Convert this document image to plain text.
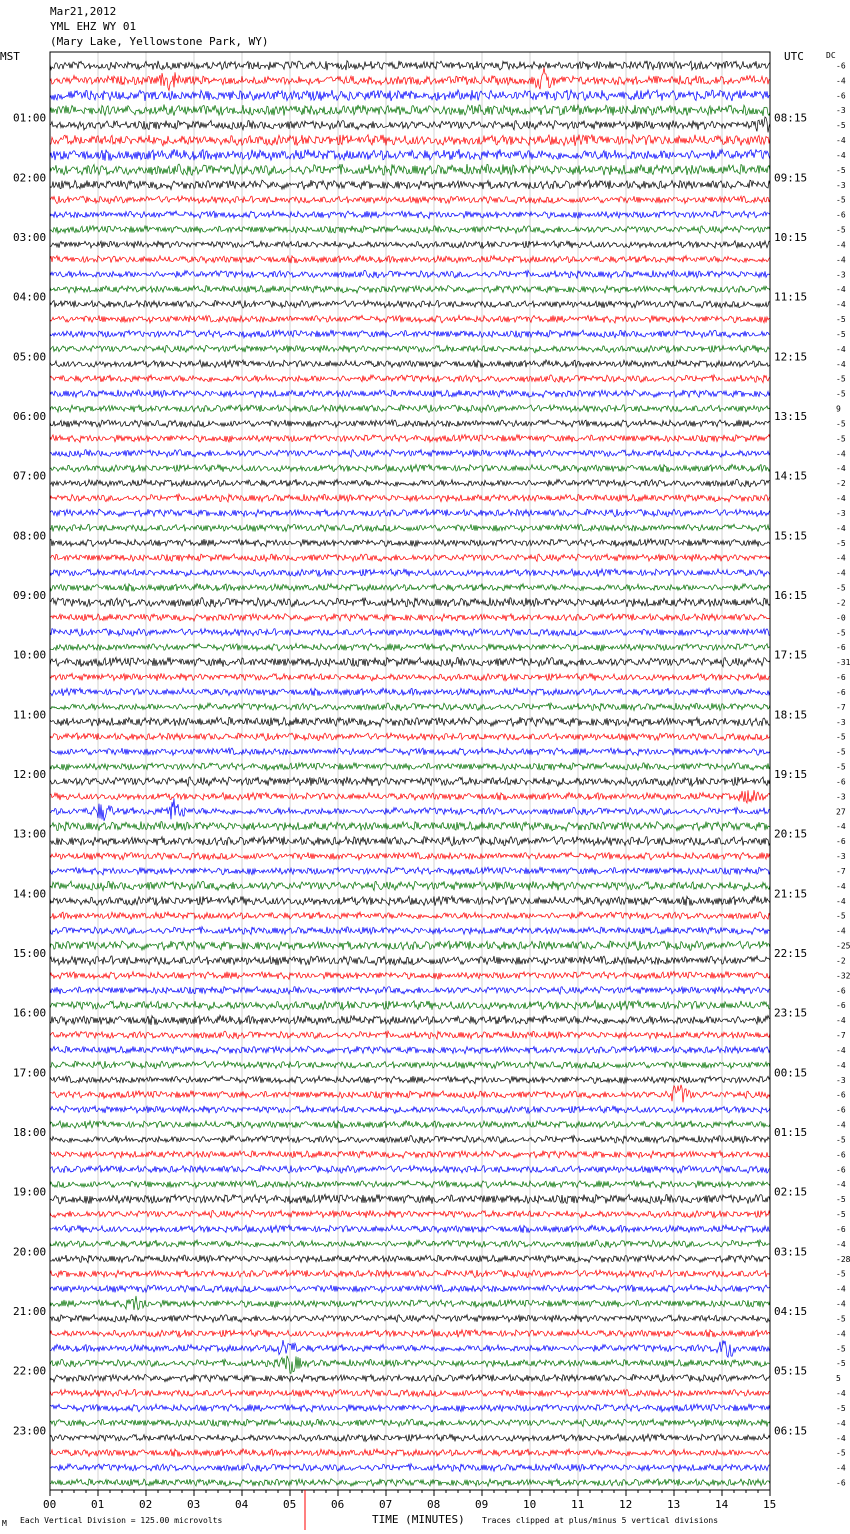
Mar21,2012
YML EHZ WY 01
(Mary Lake, Yellowstone Park, WY)
MST	UTC	DC
-6
-4
-6
-3
-5
-4
-4
-5
-3
-5
-6
-5
-4
-4
-3
-4
-4
-5
-5
-4
-4
-5
-5
9
-5
-5
-4
-4
-2
-4
-3
-4
-5
-4
-4
-5
-2
-0
-5
-6
-31
-6
-6
-7
-3
-5
-5
-5
-6
-3
27
-4
-6
-3
-7
-4
-4
-5
-4
-25
-2
-32
-6
-6
-4
-7
-4
-4
-3
-6
-6
-4
-5
-6
-6
-4
-5
-5
-6
-4
-28
-5
-4
-4
-5
-4
-5
-5
5
-4
-5
-4
-4
-5
-4
-6
00	01	02	03	04	05	06	07	08	09	10	11	12	13	14	15
01:00	08:15
02:00	09:15
03:00	10:15
04:00	11:15
05:00	12:15
06:00	13:15
07:00	14:15
08:00	15:15
09:00	16:15
10:00	17:15
11:00	18:15
12:00	19:15
13:00	20:15
14:00	21:15
15:00	22:15
16:00	23:15
17:00	00:15
18:00	01:15
19:00	02:15
20:00	03:15
21:00	04:15
22:00	05:15
23:00	06:15
TIME (MINUTES)
Each Vertical Division = 125.00 microvolts	Traces clipped at plus/minus 5 vertical divisions
M
